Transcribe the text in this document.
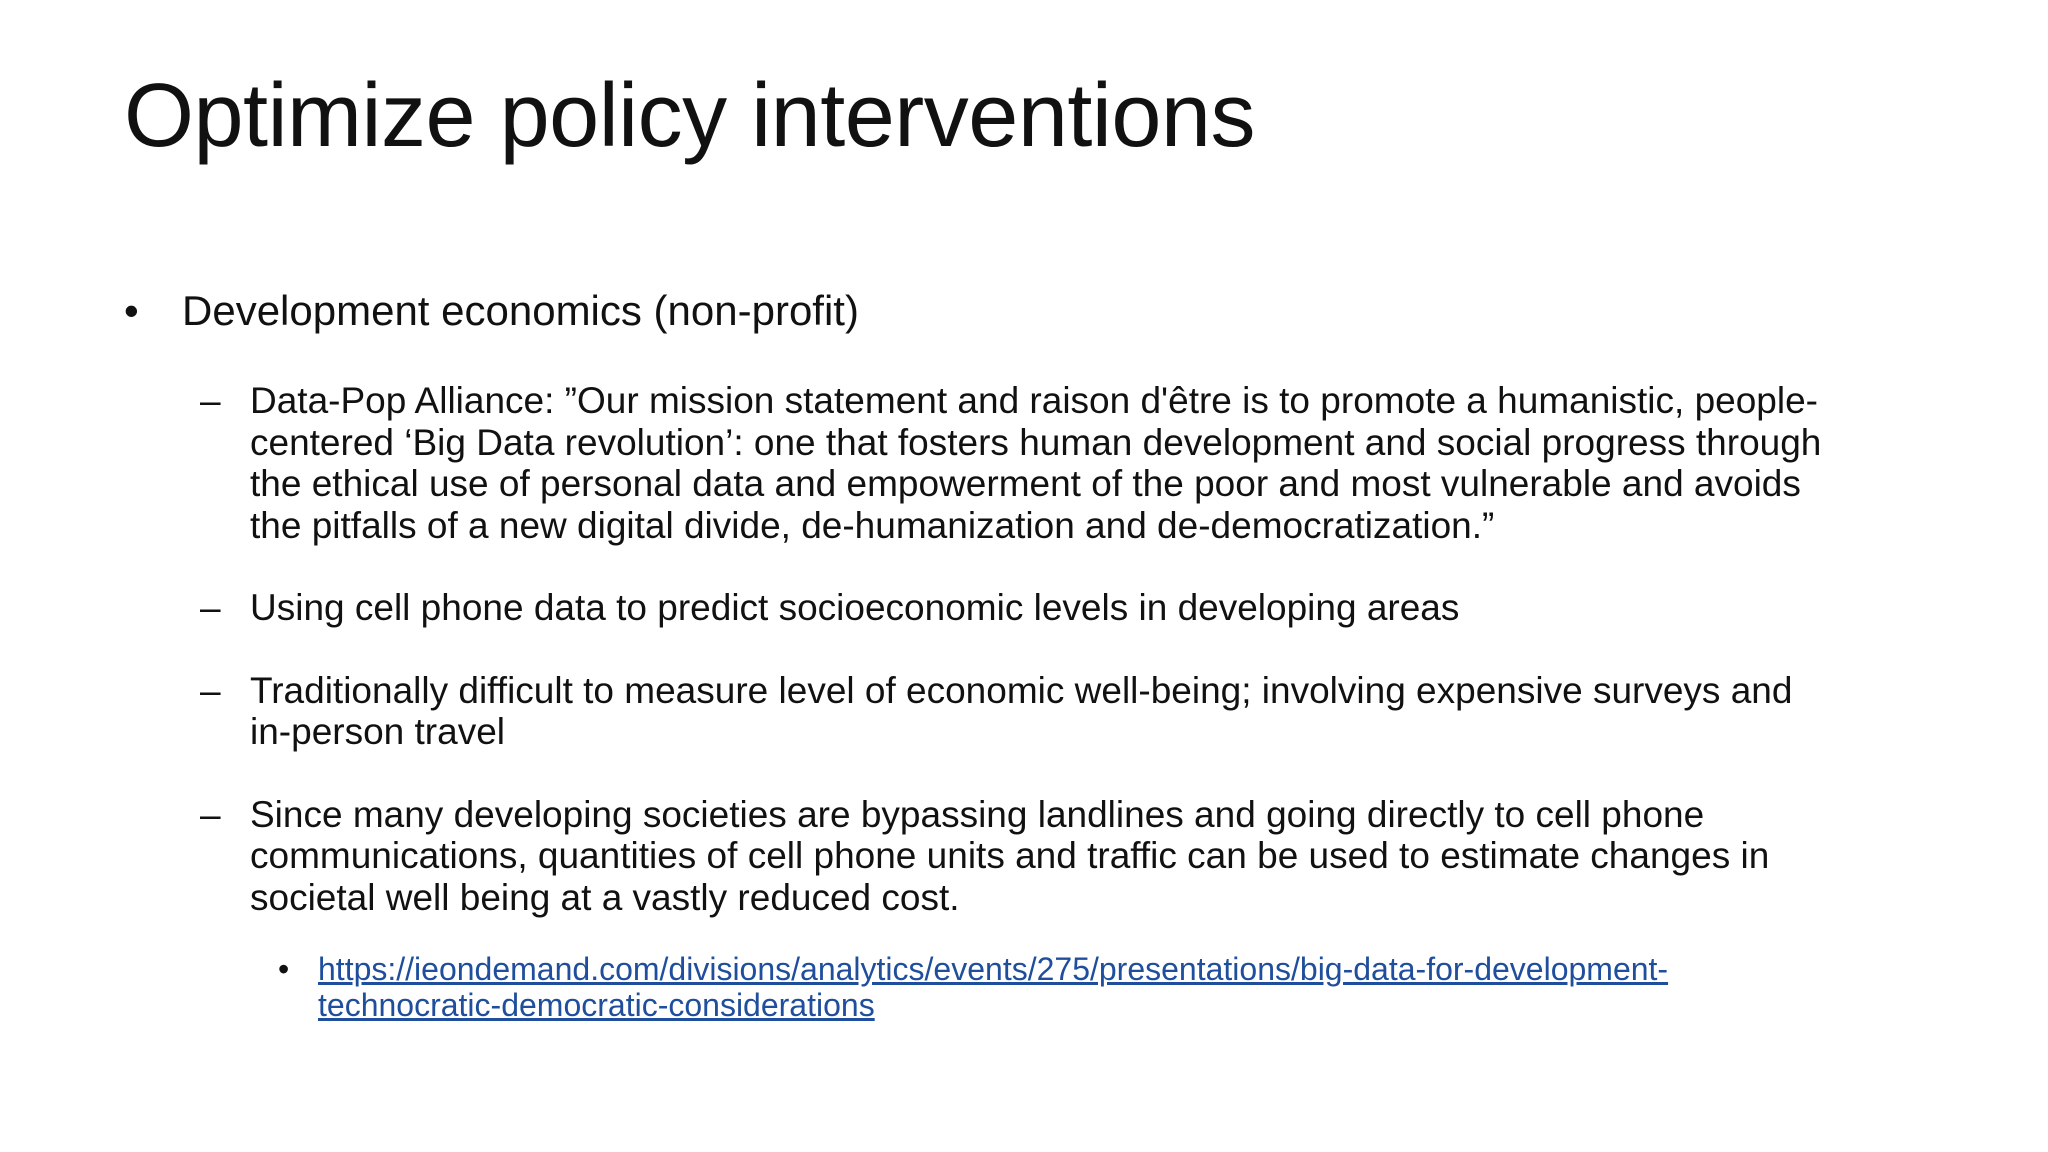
Optimize policy interventions
•	Development economics (non-profit)
– Data-Pop Alliance: ”Our mission statement and raison d'être is to promote a humanistic, people-
centered ‘Big Data revolution’: one that fosters human development and social progress through
the ethical use of personal data and empowerment of the poor and most vulnerable and avoids
the pitfalls of a new digital divide, de-humanization and de-democratization.”
– Using cell phone data to predict socioeconomic levels in developing areas
– Traditionally difficult to measure level of economic well-being; involving expensive surveys and
in-person travel
– Since many developing societies are bypassing landlines and going directly to cell phone
communications, quantities of cell phone units and traffic can be used to estimate changes in
societal well being at a vastly reduced cost.
• https://ieondemand.com/divisions/analytics/events/275/presentations/big-data-for-development-
technocratic-democratic-considerations
